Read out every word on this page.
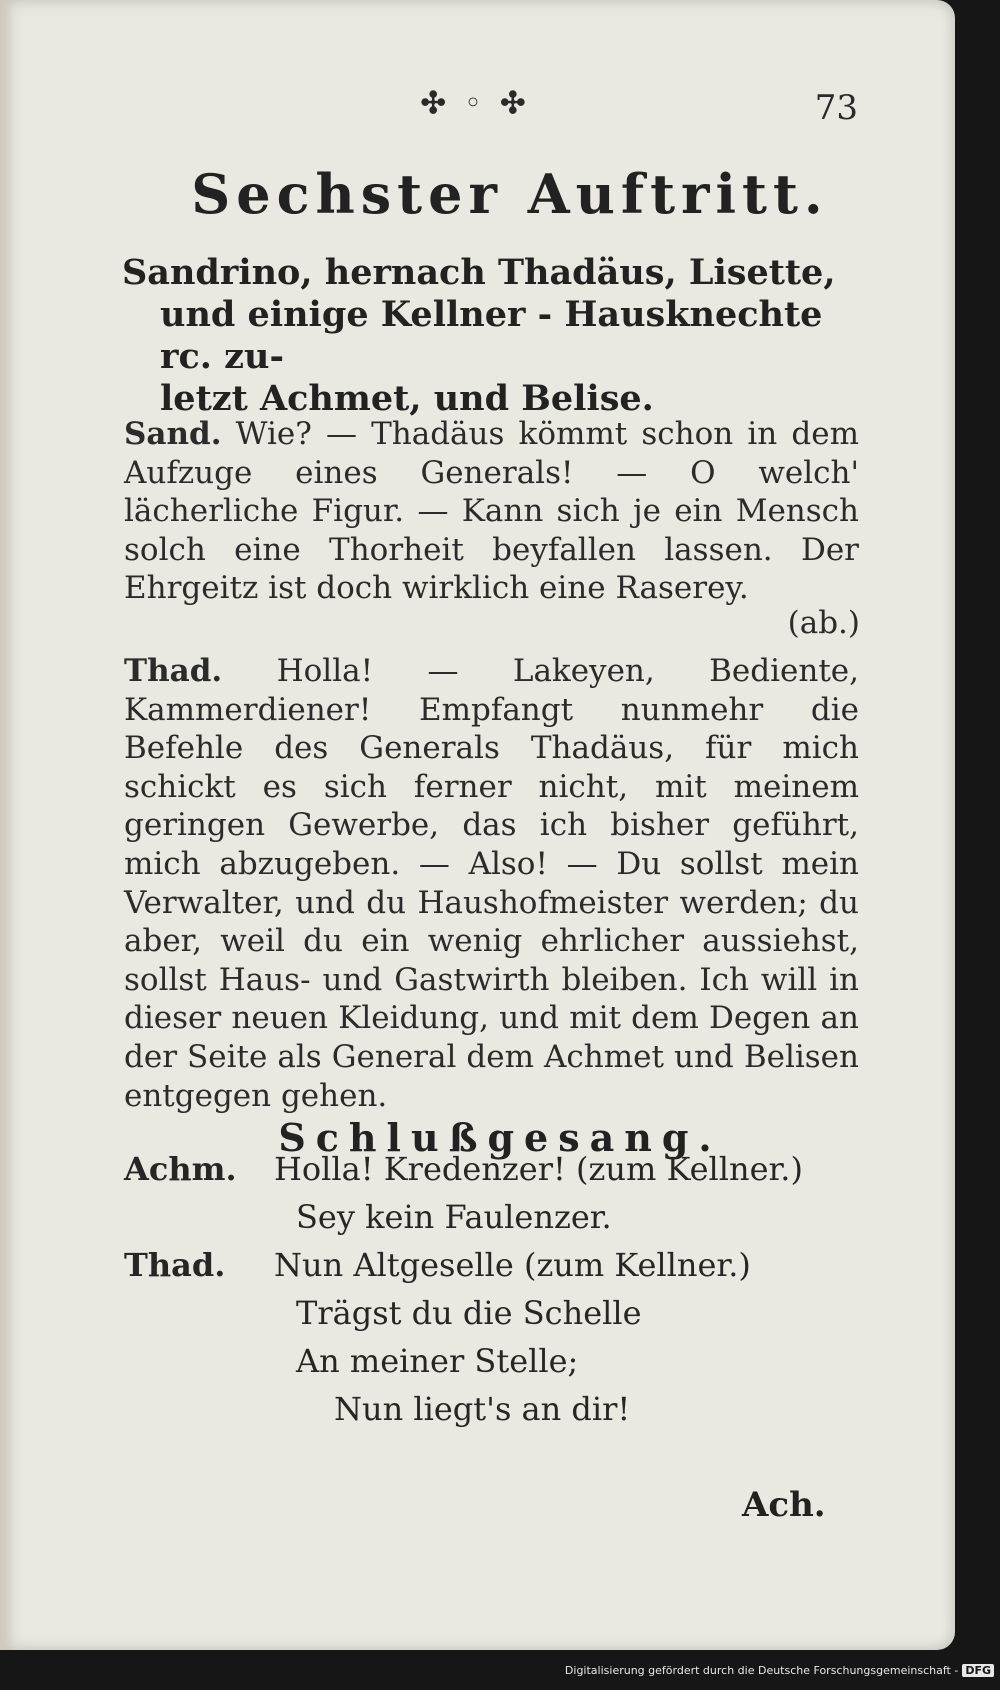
✣ ◦ ✣	73
Sechster Auftritt.
Sandrino, hernach Thadäus, Lisette,
und einige Kellner - Hausknechte rc. zu-
letzt Achmet, und Belise.
Sand. Wie? — Thadäus kömmt schon in dem Aufzuge eines Generals! — O welch' lächerliche Figur. — Kann sich je ein Mensch solch eine Thorheit beyfallen lassen. Der Ehrgeitz ist doch wirklich eine Raserey.
(ab.)
Thad. Holla! — Lakeyen, Bediente, Kammerdiener! Empfangt nunmehr die Befehle des Generals Thadäus, für mich schickt es sich ferner nicht, mit meinem geringen Gewerbe, das ich bisher geführt, mich abzugeben. — Also! — Du sollst mein Verwalter, und du Haushofmeister werden; du aber, weil du ein wenig ehrlicher aussiehst, sollst Haus- und Gastwirth bleiben. Ich will in dieser neuen Kleidung, und mit dem Degen an der Seite als General dem Achmet und Belisen entgegen gehen.
Schlußgesang.
Achm. Holla! Kredenzer! (zum Kellner.)
Sey kein Faulenzer.
Thad. Nun Altgeselle (zum Kellner.)
Trägst du die Schelle
An meiner Stelle;
Nun liegt's an dir!
Ach.
Digitalisierung gefördert durch die Deutsche Forschungsgemeinschaft - DFG
